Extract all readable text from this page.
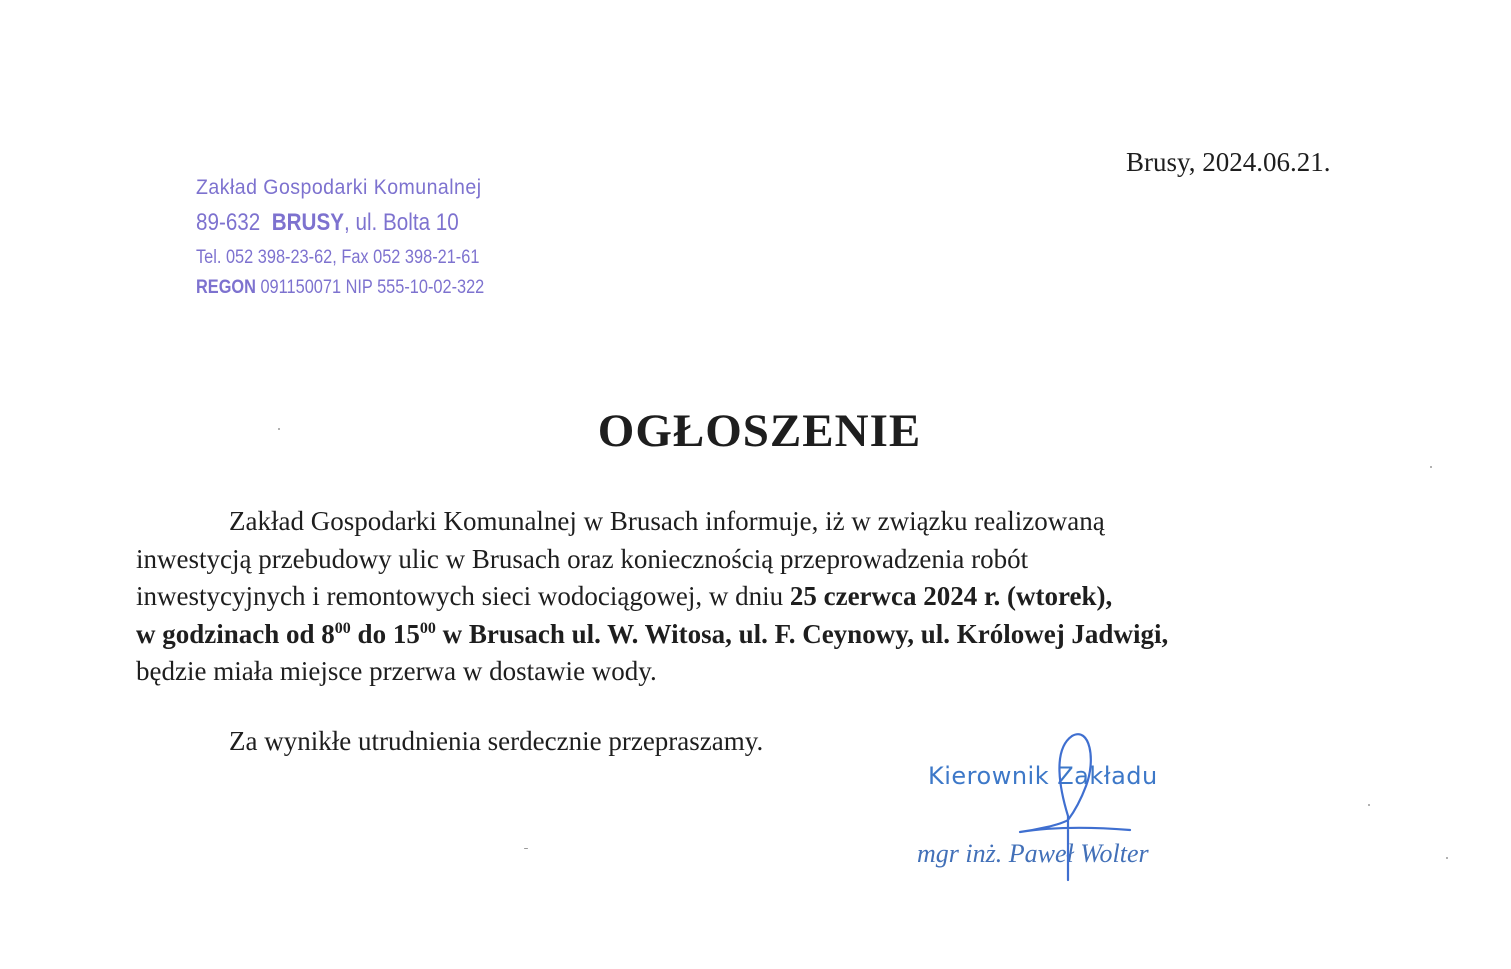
Zakład Gospodarki Komunalnej
89-632 BRUSY, ul. Bolta 10
Tel. 052 398-23-62, Fax 052 398-21-61
REGON 091150071 NIP 555-10-02-322
Brusy, 2024.06.21.
OGŁOSZENIE
Zakład Gospodarki Komunalnej w Brusach informuje, iż w związku realizowaną
inwestycją przebudowy ulic w Brusach oraz koniecznością przeprowadzenia robót
inwestycyjnych i remontowych sieci wodociągowej, w dniu 25 czerwca 2024 r. (wtorek),
w godzinach od $8^{00}$ do $15^{00}$ w Brusach ul. W. Witosa, ul. F. Ceynowy, ul. Królowej Jadwigi,
będzie miała miejsce przerwa w dostawie wody.
Za wynikłe utrudnienia serdecznie przepraszamy.
Kierownik Zakładu
mgr inż. Paweł Wolter
